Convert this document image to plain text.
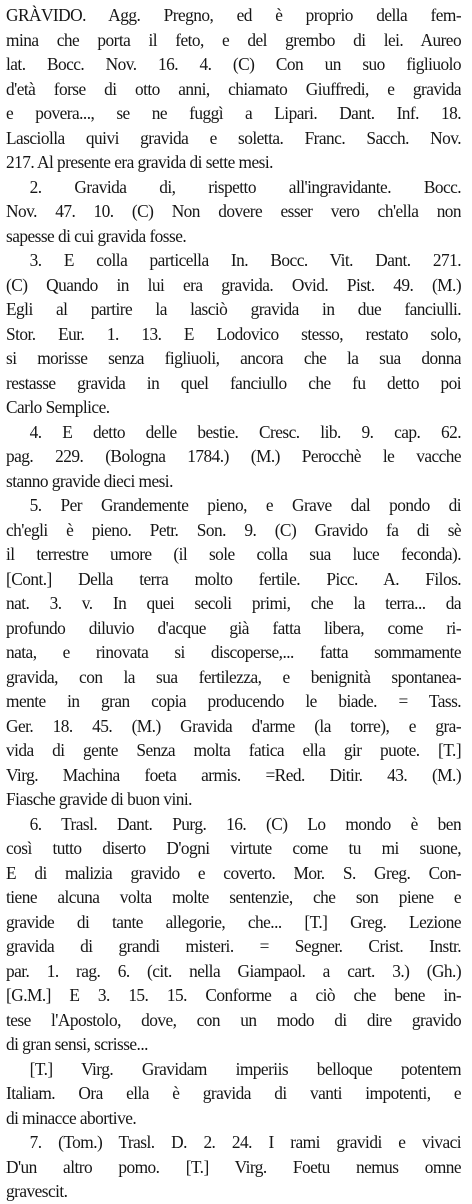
GRÀVIDO. Agg. Pregno, ed è proprio della fem-
mina che porta il feto, e del grembo di lei. Aureo
lat. Bocc. Nov. 16. 4. (C) Con un suo figliuolo
d'età forse di otto anni, chiamato Giuffredi, e gravida
e povera..., se ne fuggì a Lipari. Dant. Inf. 18.
Lasciolla quivi gravida e soletta. Franc. Sacch. Nov.
217. Al presente era gravida di sette mesi.
2. Gravida di, rispetto all'ingravidante. Bocc.
Nov. 47. 10. (C) Non dovere esser vero ch'ella non
sapesse di cui gravida fosse.
3. E colla particella In. Bocc. Vit. Dant. 271.
(C) Quando in lui era gravida. Ovid. Pist. 49. (M.)
Egli al partire la lasciò gravida in due fanciulli.
Stor. Eur. 1. 13. E Lodovico stesso, restato solo,
si morisse senza figliuoli, ancora che la sua donna
restasse gravida in quel fanciullo che fu detto poi
Carlo Semplice.
4. E detto delle bestie. Cresc. lib. 9. cap. 62.
pag. 229. (Bologna 1784.) (M.) Perocchè le vacche
stanno gravide dieci mesi.
5. Per Grandemente pieno, e Grave dal pondo di
ch'egli è pieno. Petr. Son. 9. (C) Gravido fa di sè
il terrestre umore (il sole colla sua luce feconda).
[Cont.] Della terra molto fertile. Picc. A. Filos.
nat. 3. v. In quei secoli primi, che la terra... da
profundo diluvio d'acque già fatta libera, come ri-
nata, e rinovata si discoperse,... fatta sommamente
gravida, con la sua fertilezza, e benignità spontanea-
mente in gran copia producendo le biade. = Tass.
Ger. 18. 45. (M.) Gravida d'arme (la torre), e gra-
vida di gente Senza molta fatica ella gir puote. [T.]
Virg. Machina foeta armis. =Red. Ditir. 43. (M.)
Fiasche gravide di buon vini.
6. Trasl. Dant. Purg. 16. (C) Lo mondo è ben
così tutto diserto D'ogni virtute come tu mi suone,
E di malizia gravido e coverto. Mor. S. Greg. Con-
tiene alcuna volta molte sentenzie, che son piene e
gravide di tante allegorie, che... [T.] Greg. Lezione
gravida di grandi misteri. = Segner. Crist. Instr.
par. 1. rag. 6. (cit. nella Giampaol. a cart. 3.) (Gh.)
[G.M.] E 3. 15. 15. Conforme a ciò che bene in-
tese l'Apostolo, dove, con un modo di dire gravido
di gran sensi, scrisse...
[T.] Virg. Gravidam imperiis belloque potentem
Italiam. Ora ella è gravida di vanti impotenti, e
di minacce abortive.
7. (Tom.) Trasl. D. 2. 24. I rami gravidi e vivaci
D'un altro pomo. [T.] Virg. Foetu nemus omne
gravescit.
